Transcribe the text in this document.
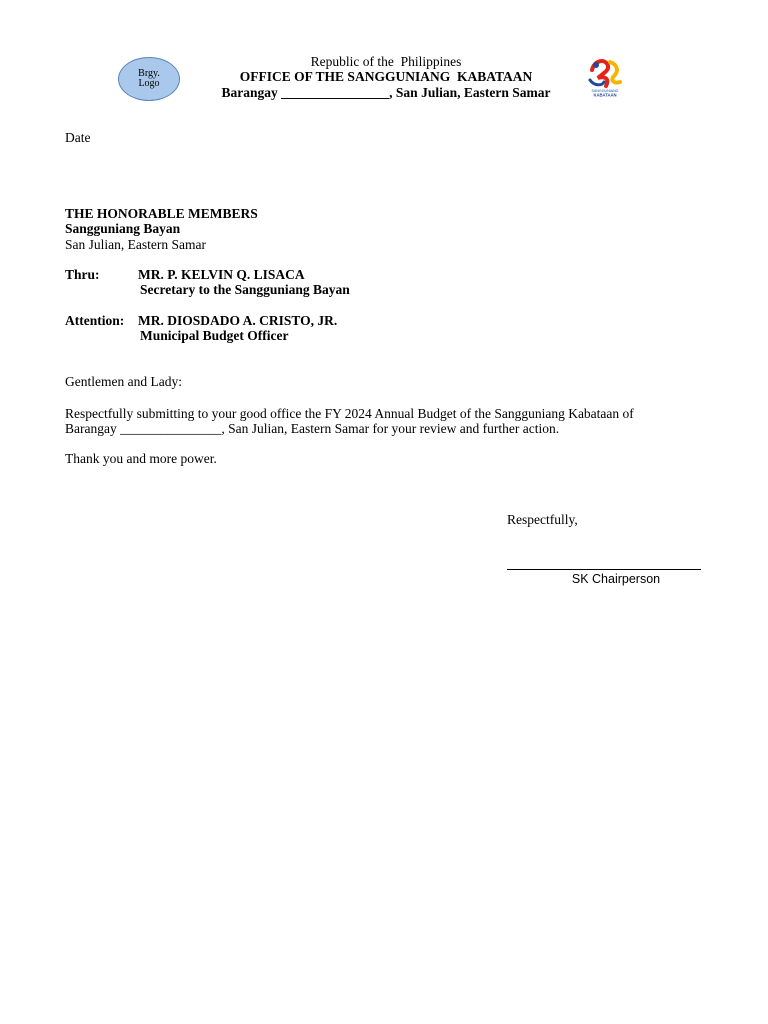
Brgy.
Logo
Republic of the  Philippines
OFFICE OF THE SANGGUNIANG  KABATAAN
Barangay ________________, San Julian, Eastern Samar	SANGGUNIANG
KABATAAN
Date
THE HONORABLE MEMBERS
Sangguniang Bayan
San Julian, Eastern Samar
Thru:	MR. P. KELVIN Q. LISACA
Secretary to the Sangguniang Bayan
Attention: MR. DIOSDADO A. CRISTO, JR.
Municipal Budget Officer
Gentlemen and Lady:
Respectfully submitting to your good office the FY 2024 Annual Budget of the Sangguniang Kabataan of
Barangay _______________, San Julian, Eastern Samar for your review and further action.
Thank you and more power.
Respectfully,
SK Chairperson
